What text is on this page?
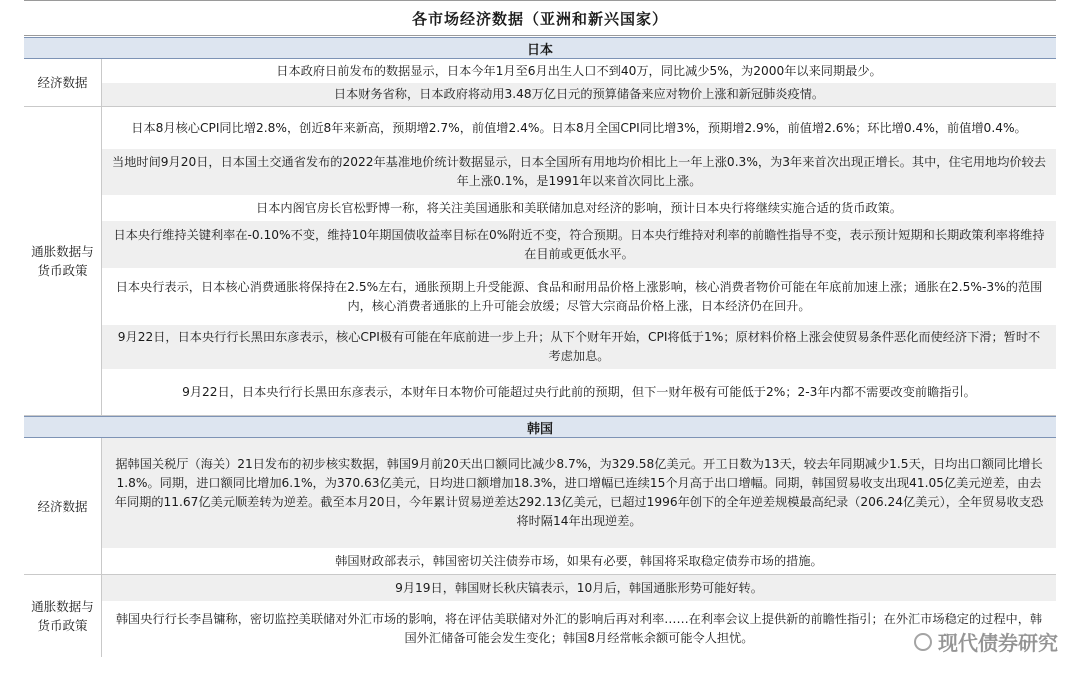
各市场经济数据（亚洲和新兴国家）
日本
经济数据
日本政府日前发布的数据显示，日本今年1月至6月出生人口不到40万，同比减少5%，为2000年以来同期最少。
日本财务省称，日本政府将动用3.48万亿日元的预算储备来应对物价上涨和新冠肺炎疫情。
通胀数据与货币政策
日本8月核心CPI同比增2.8%，创近8年来新高，预期增2.7%，前值增2.4%。日本8月全国CPI同比增3%，预期增2.9%，前值增2.6%；环比增0.4%，前值增0.4%。
当地时间9月20日，日本国土交通省发布的2022年基准地价统计数据显示，日本全国所有用地均价相比上一年上涨0.3%，为3年来首次出现正增长。其中，住宅用地均价较去年上涨0.1%，是1991年以来首次同比上涨。
日本内阁官房长官松野博一称，将关注美国通胀和美联储加息对经济的影响，预计日本央行将继续实施合适的货币政策。
日本央行维持关键利率在-0.10%不变，维持10年期国债收益率目标在0%附近不变，符合预期。日本央行维持对利率的前瞻性指导不变，表示预计短期和长期政策利率将维持在目前或更低水平。
日本央行表示，日本核心消费通胀将保持在2.5%左右，通胀预期上升受能源、食品和耐用品价格上涨影响，核心消费者物价可能在年底前加速上涨；通胀在2.5%-3%的范围内，核心消费者通胀的上升可能会放缓；尽管大宗商品价格上涨，日本经济仍在回升。
9月22日，日本央行行长黑田东彦表示，核心CPI极有可能在年底前进一步上升；从下个财年开始，CPI将低于1%；原材料价格上涨会使贸易条件恶化而使经济下滑；暂时不考虑加息。
9月22日，日本央行行长黑田东彦表示，本财年日本物价可能超过央行此前的预期，但下一财年极有可能低于2%；2-3年内都不需要改变前瞻指引。
韩国
经济数据
据韩国关税厅（海关）21日发布的初步核实数据，韩国9月前20天出口额同比减少8.7%，为329.58亿美元。开工日数为13天，较去年同期减少1.5天，日均出口额同比增长1.8%。同期，进口额同比增加6.1%，为370.63亿美元，日均进口额增加18.3%，进口增幅已连续15个月高于出口增幅。同期，韩国贸易收支出现41.05亿美元逆差，由去年同期的11.67亿美元顺差转为逆差。截至本月20日，今年累计贸易逆差达292.13亿美元，已超过1996年创下的全年逆差规模最高纪录（206.24亿美元），全年贸易收支恐将时隔14年出现逆差。
韩国财政部表示，韩国密切关注债券市场，如果有必要，韩国将采取稳定债券市场的措施。
通胀数据与货币政策
9月19日，韩国财长秋庆镐表示，10月后，韩国通胀形势可能好转。
韩国央行行长李昌镛称，密切监控美联储对外汇市场的影响，将在评估美联储对外汇的影响后再对利率……在利率会议上提供新的前瞻性指引；在外汇市场稳定的过程中，韩国外汇储备可能会发生变化；韩国8月经常帐余额可能令人担忧。	现代债券研究
